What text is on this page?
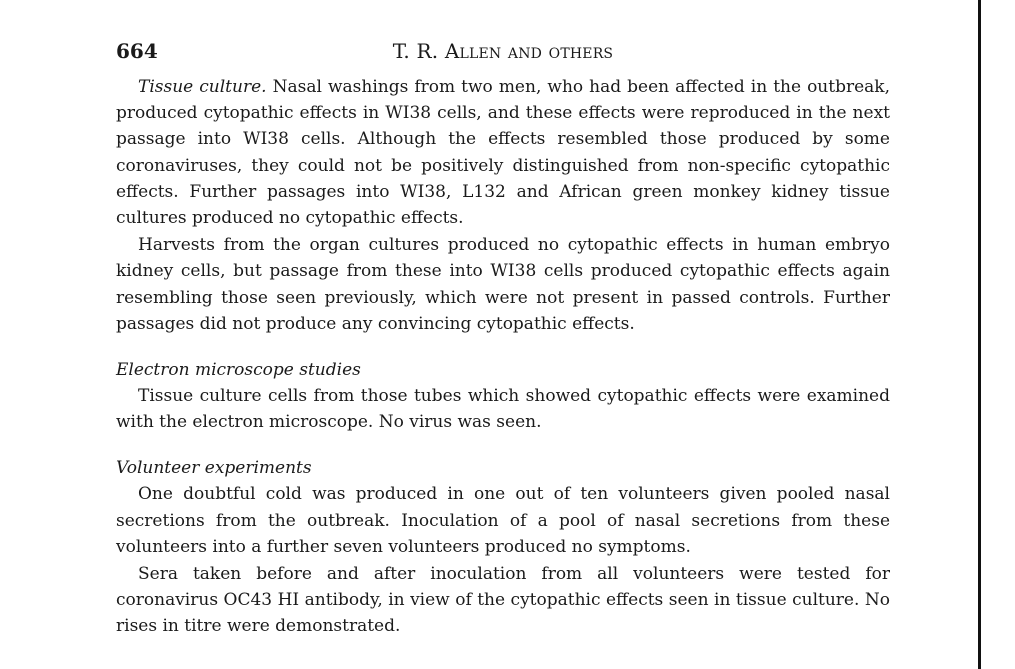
664	T. R. Allen and others

Tissue culture. Nasal washings from two men, who had been affected in the outbreak, produced cytopathic effects in WI38 cells, and these effects were reproduced in the next passage into WI38 cells. Although the effects resembled those produced by some coronaviruses, they could not be positively distinguished from non-specific cytopathic effects. Further passages into WI38, L132 and African green monkey kidney tissue cultures produced no cytopathic effects.

Harvests from the organ cultures produced no cytopathic effects in human embryo kidney cells, but passage from these into WI38 cells produced cytopathic effects again resembling those seen previously, which were not present in passed controls. Further passages did not produce any convincing cytopathic effects.

Electron microscope studies

Tissue culture cells from those tubes which showed cytopathic effects were examined with the electron microscope. No virus was seen.

Volunteer experiments

One doubtful cold was produced in one out of ten volunteers given pooled nasal secretions from the outbreak. Inoculation of a pool of nasal secretions from these volunteers into a further seven volunteers produced no symptoms.

Sera taken before and after inoculation from all volunteers were tested for coronavirus OC43 HI antibody, in view of the cytopathic effects seen in tissue culture. No rises in titre were demonstrated.
